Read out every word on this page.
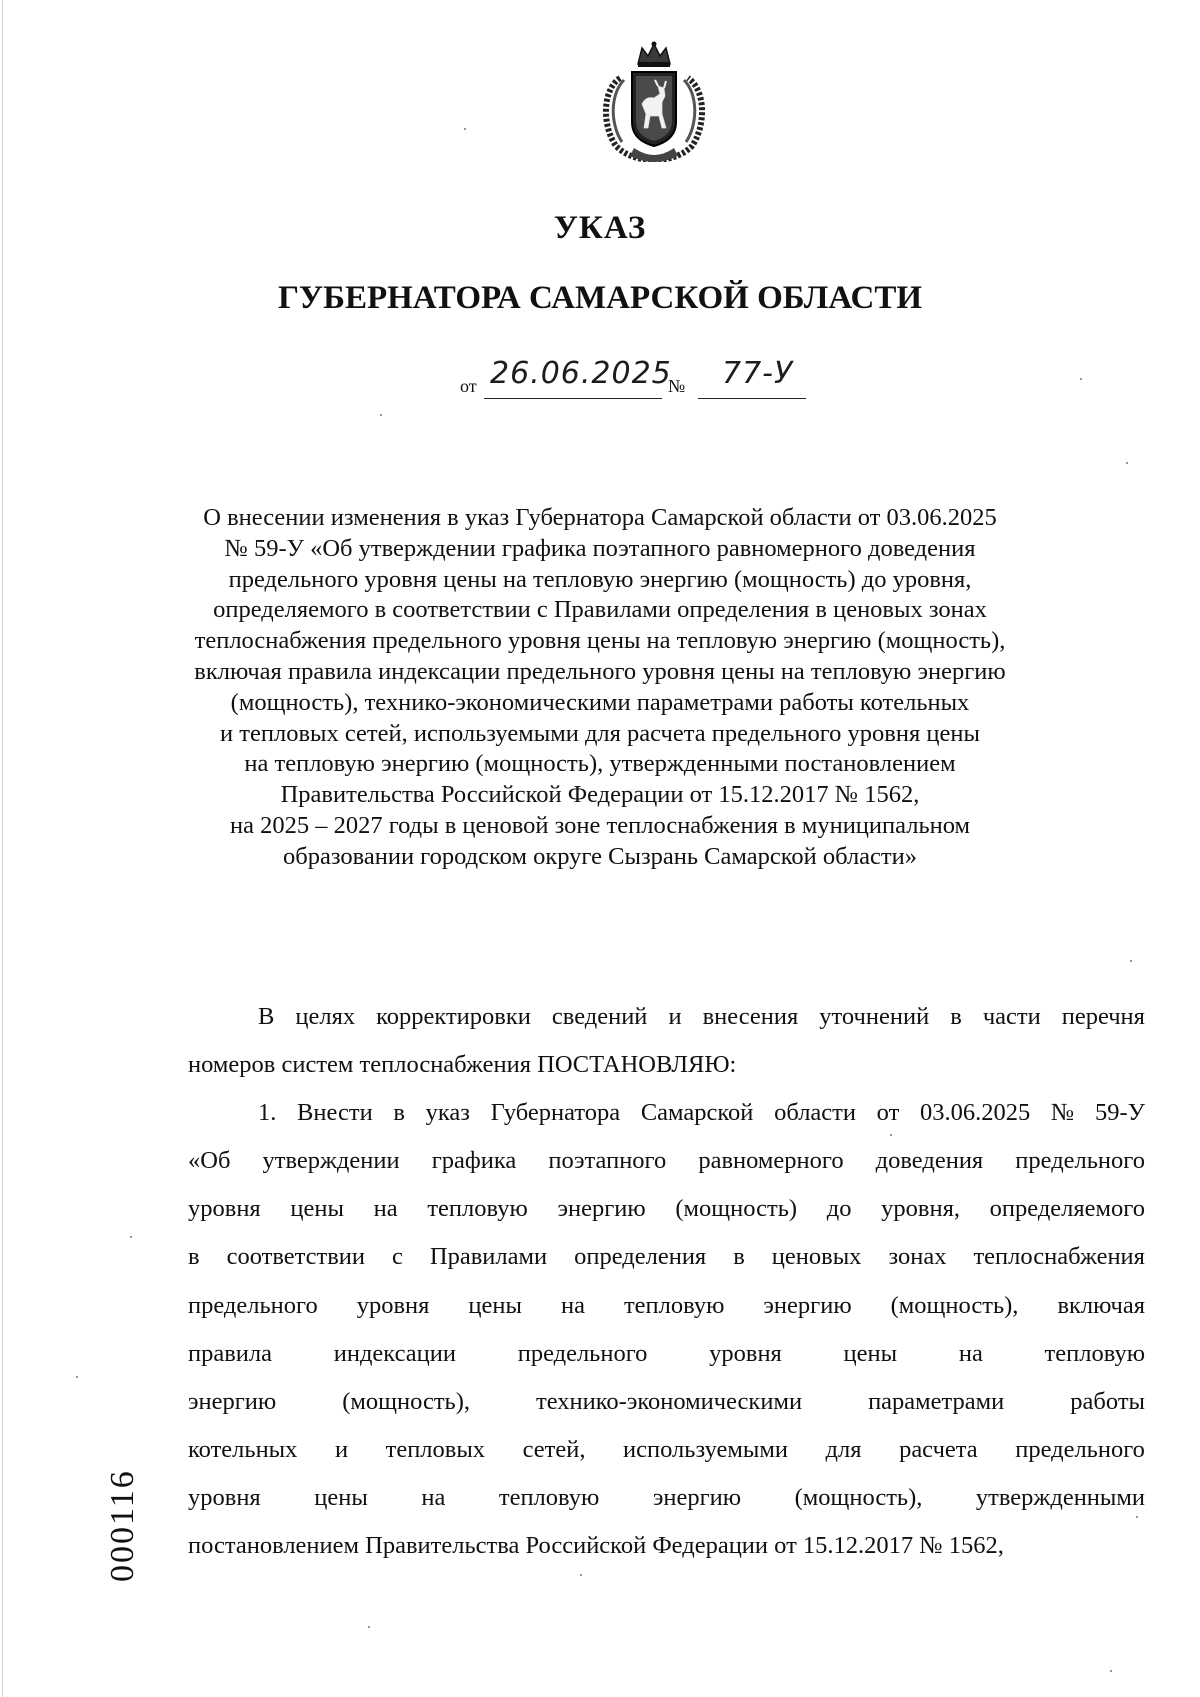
УКАЗ
ГУБЕРНАТОРА САМАРСКОЙ ОБЛАСТИ
от 26.06.2025
№ 77-У
О внесении изменения в указ Губернатора Самарской области от 03.06.2025
№ 59-У «Об утверждении графика поэтапного равномерного доведения
предельного уровня цены на тепловую энергию (мощность) до уровня,
определяемого в соответствии с Правилами определения в ценовых зонах
теплоснабжения предельного уровня цены на тепловую энергию (мощность),
включая правила индексации предельного уровня цены на тепловую энергию
(мощность), технико-экономическими параметрами работы котельных
и тепловых сетей, используемыми для расчета предельного уровня цены
на тепловую энергию (мощность), утвержденными постановлением
Правительства Российской Федерации от 15.12.2017 № 1562,
на 2025 – 2027 годы в ценовой зоне теплоснабжения в муниципальном
образовании городском округе Сызрань Самарской области»
В целях корректировки сведений и внесения уточнений в части перечня
номеров систем теплоснабжения ПОСТАНОВЛЯЮ:
1. Внести в указ Губернатора Самарской области от 03.06.2025 № 59-У
«Об утверждении графика поэтапного равномерного доведения предельного
уровня цены на тепловую энергию (мощность) до уровня, определяемого
в соответствии с Правилами определения в ценовых зонах теплоснабжения
предельного уровня цены на тепловую энергию (мощность), включая
правила	индексации	предельного	уровня	цены	на	тепловую
энергию	(мощность),	технико-экономическими	параметрами	работы
котельных и тепловых сетей, используемыми для расчета предельного
уровня цены на тепловую энергию (мощность), утвержденными
постановлением Правительства Российской Федерации от 15.12.2017 № 1562,
000116
